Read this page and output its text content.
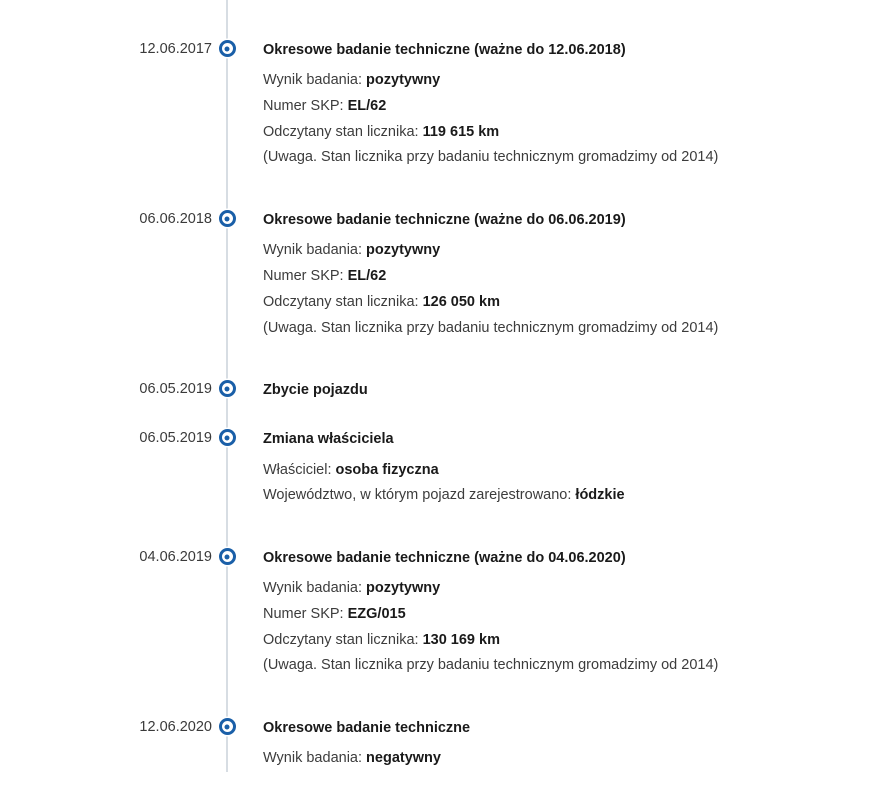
12.06.2017	Okresowe badanie techniczne (ważne do 12.06.2018)
Wynik badania: pozytywny
Numer SKP: EL/62
Odczytany stan licznika: 119 615 km
(Uwaga. Stan licznika przy badaniu technicznym gromadzimy od 2014)
06.06.2018	Okresowe badanie techniczne (ważne do 06.06.2019)
Wynik badania: pozytywny
Numer SKP: EL/62
Odczytany stan licznika: 126 050 km
(Uwaga. Stan licznika przy badaniu technicznym gromadzimy od 2014)
06.05.2019	Zbycie pojazdu
06.05.2019	Zmiana właściciela
Właściciel: osoba fizyczna
Województwo, w którym pojazd zarejestrowano: łódzkie
04.06.2019	Okresowe badanie techniczne (ważne do 04.06.2020)
Wynik badania: pozytywny
Numer SKP: EZG/015
Odczytany stan licznika: 130 169 km
(Uwaga. Stan licznika przy badaniu technicznym gromadzimy od 2014)
12.06.2020	Okresowe badanie techniczne
Wynik badania: negatywny
